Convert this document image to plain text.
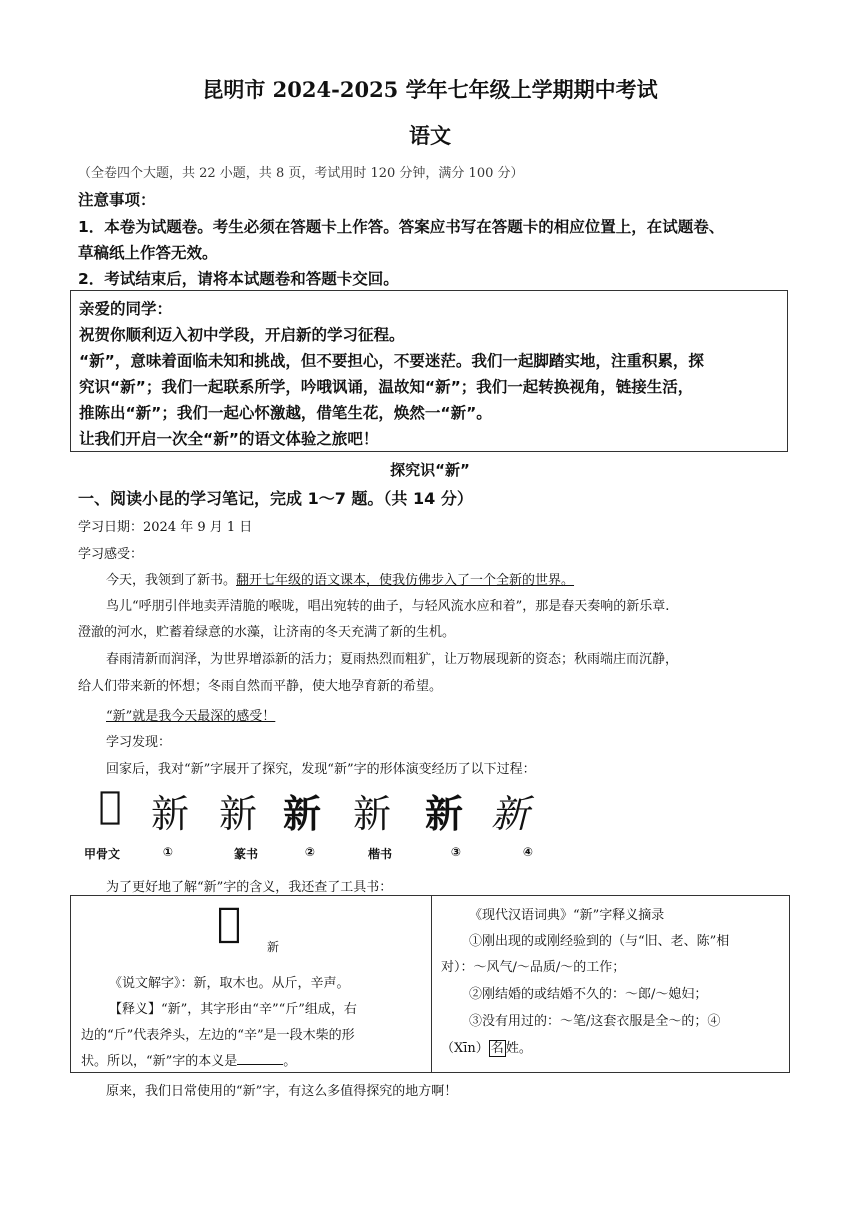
昆明市 2024-2025 学年七年级上学期期中考试
语文
（全卷四个大题，共 22 小题，共 8 页，考试用时 120 分钟，满分 100 分）
注意事项：
1．本卷为试题卷。考生必须在答题卡上作答。答案应书写在答题卡的相应位置上，在试题卷、
草稿纸上作答无效。
2．考试结束后，请将本试题卷和答题卡交回。
亲爱的同学：
祝贺你顺利迈入初中学段，开启新的学习征程。
“新”，意味着面临未知和挑战，但不要担心，不要迷茫。我们一起脚踏实地，注重积累，探
究识“新”；我们一起联系所学，吟哦讽诵，温故知“新”；我们一起转换视角，链接生活，
推陈出“新”；我们一起心怀激越，借笔生花，焕然一“新”。
让我们开启一次全“新”的语文体验之旅吧！
探究识“新”
一、阅读小昆的学习笔记，完成 1～7 题。（共 14 分）
学习日期：2024 年 9 月 1 日
学习感受：
今天，我领到了新书。翻开七年级的语文课本，使我仿佛步入了一个全新的世界。
鸟儿“呼朋引伴地卖弄清脆的喉咙，唱出宛转的曲子，与轻风流水应和着”，那是春天奏响的新乐章.
澄澈的河水，贮蓄着绿意的水藻，让济南的冬天充满了新的生机。
春雨清新而润泽，为世界增添新的活力；夏雨热烈而粗犷，让万物展现新的资态；秋雨端庄而沉静，
给人们带来新的怀想；冬雨自然而平静，使大地孕育新的希望。
“新”就是我今天最深的感受！
学习发现：
回家后，我对“新”字展开了探究，发现“新”字的形体演变经历了以下过程：
𣂚 新 新 新 新 新 新
甲骨文	①	篆书	②	楷书	③	④
为了更好地了解“新”字的含义，我还查了工具书：
𣂚
新
《说文解字》：新，取木也。从斤，辛声。
【释义】“新”，其字形由“辛”“斤”组成，右
边的“斤”代表斧头，左边的“辛”是一段木柴的形
状。所以，“新”字的本义是	。
《现代汉语词典》“新”字释义摘录
①刚出现的或刚经验到的（与“旧、老、陈”相
对）：～风气/～品质/～的工作；
②刚结婚的或结婚不久的：～郎/～媳妇；
③没有用过的：～笔/这套衣服是全～的；④
（Xīn） 名 姓。
原来，我们日常使用的“新”字，有这么多值得探究的地方啊！
